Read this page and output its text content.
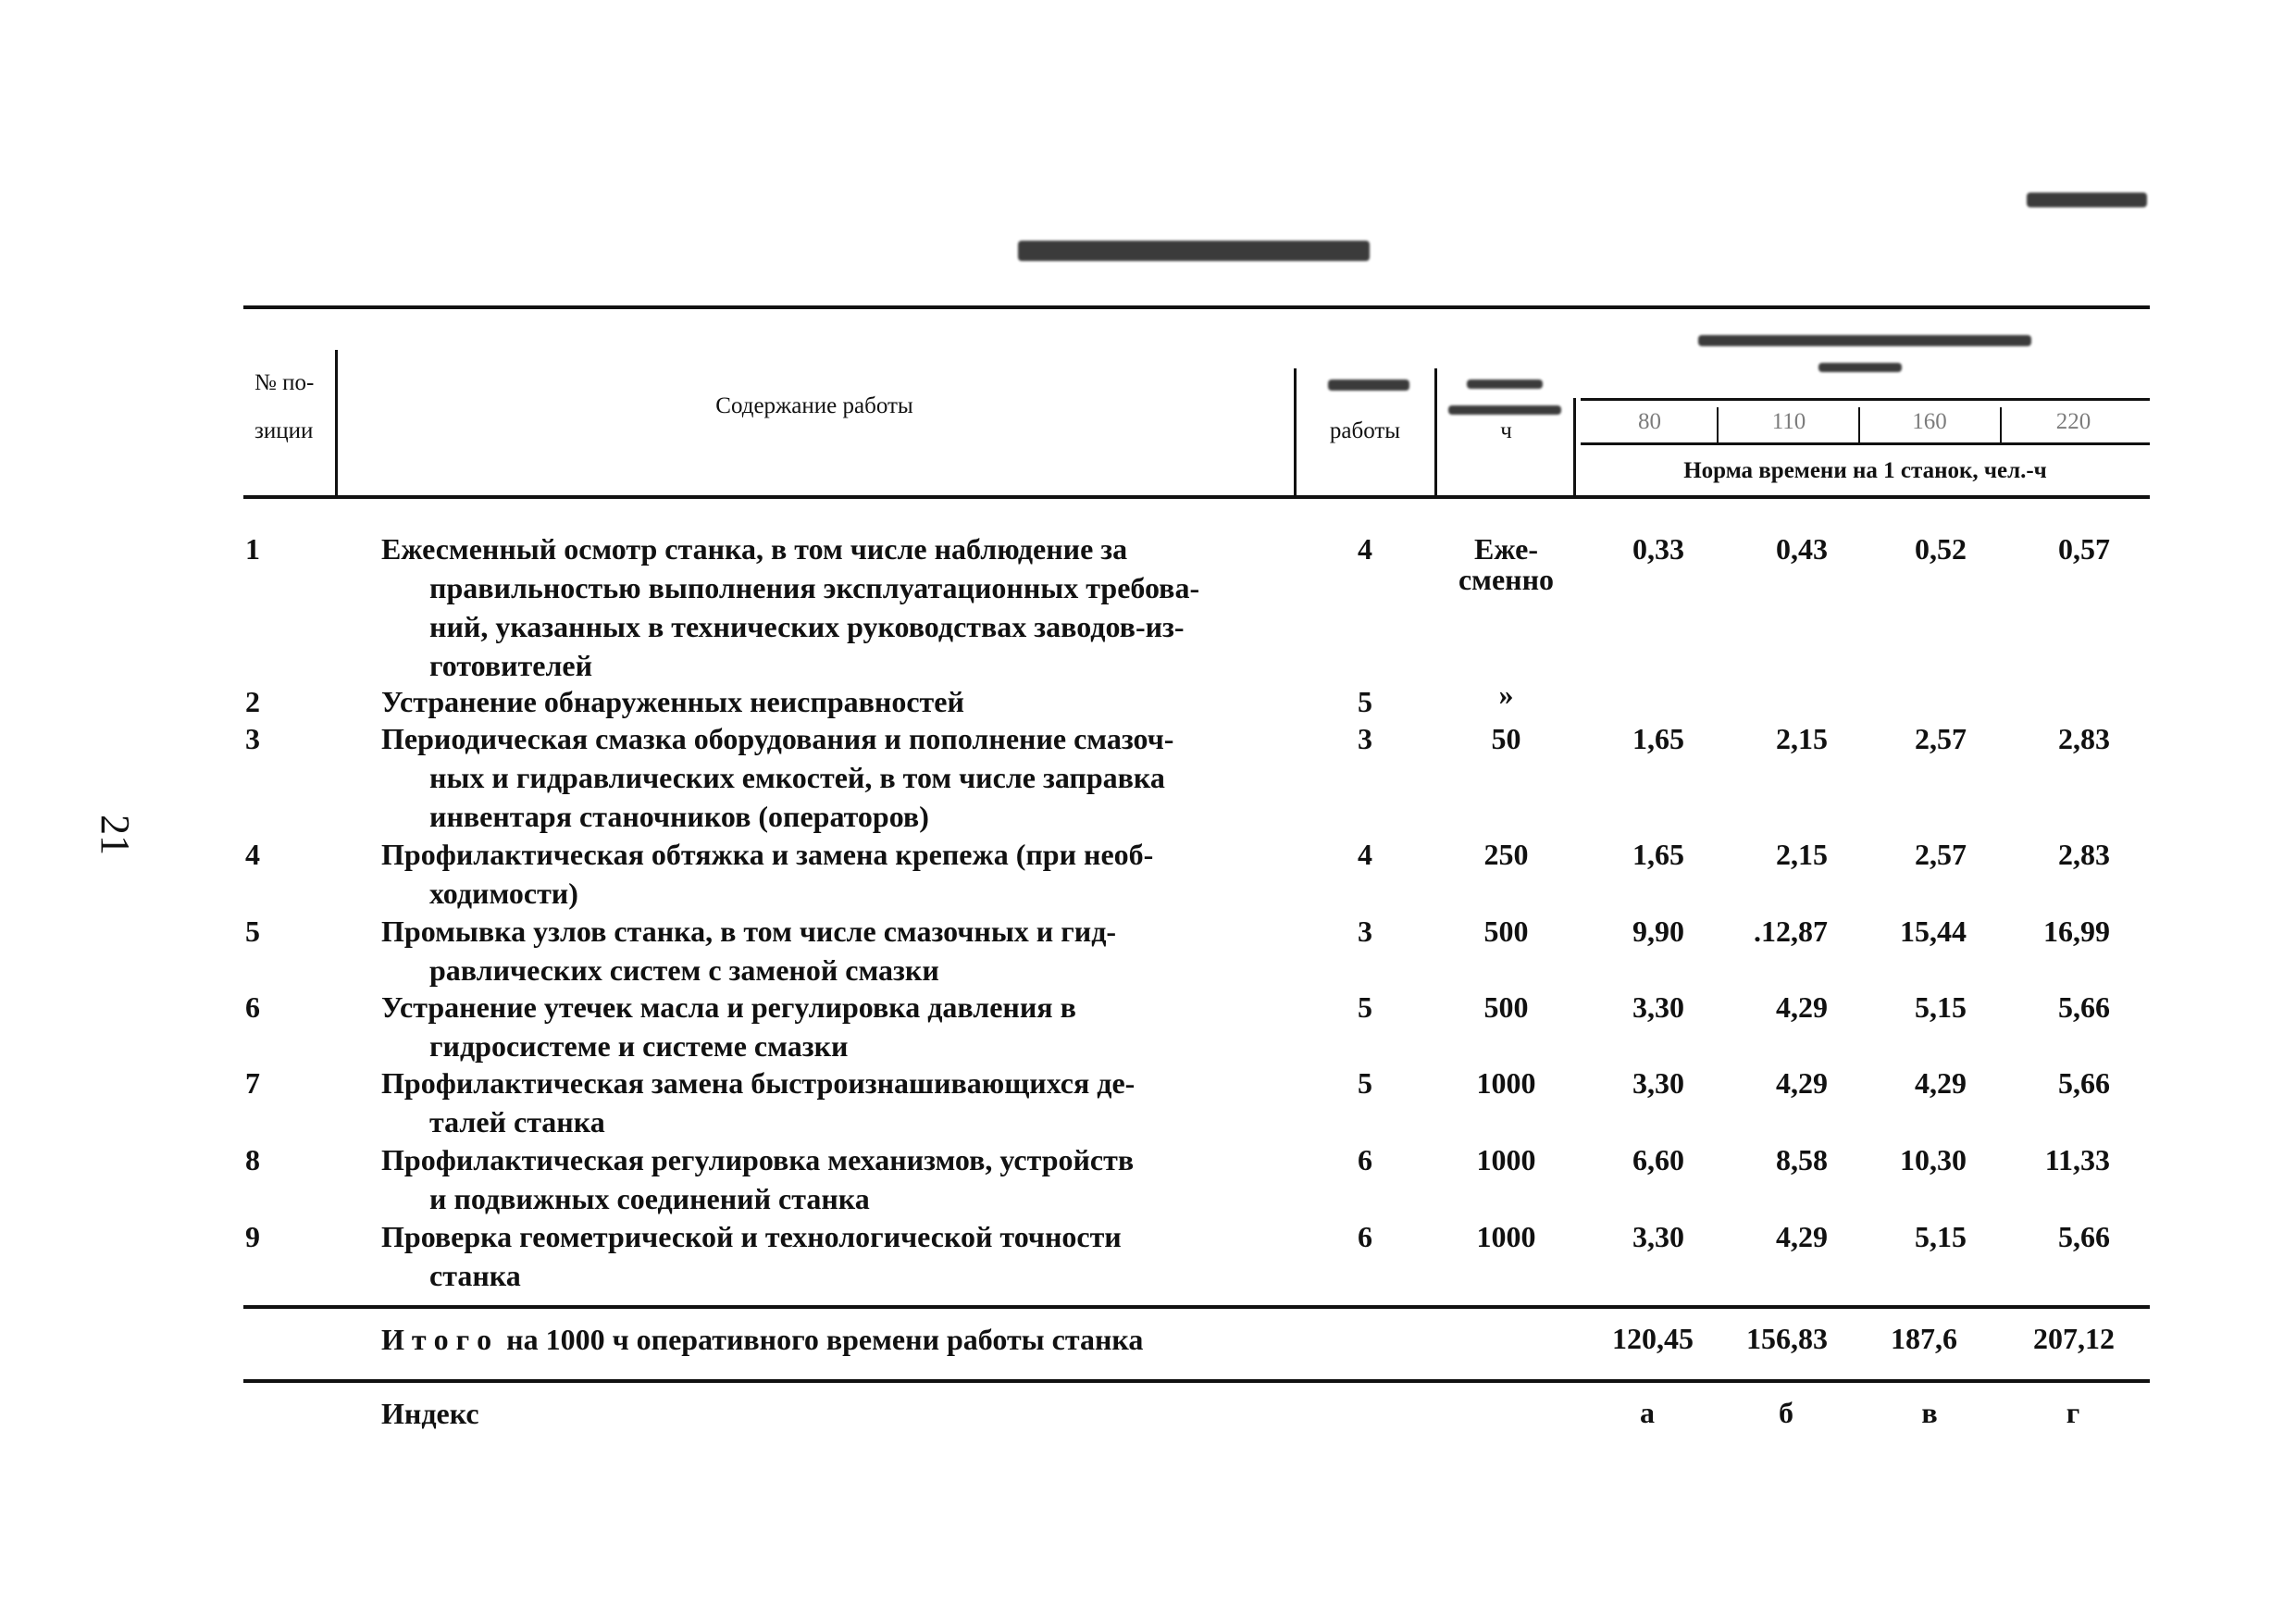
21
№ по-
зиции
Содержание работы
работы	ч	80	110	160	220
Норма времени на 1 станок, чел.-ч
1	Ежесменный осмотр станка, в том числе наблюдение за
правильностью выполнения эксплуатационных требова-
ний, указанных в технических руководствах заводов-из-
готовителей
4	Еже-
сменно
0,33	0,43	0,52	0,57
2	Устранение обнаруженных неисправностей	5	»
3	Периодическая смазка оборудования и пополнение смазоч-
ных и гидравлических емкостей, в том числе заправка
инвентаря станочников (операторов)
3	50	1,65	2,15	2,57	2,83
4	Профилактическая обтяжка и замена крепежа (при необ-
ходимости)
4	250	1,65	2,15	2,57	2,83
5	Промывка узлов станка, в том числе смазочных и гид-
равлических систем с заменой смазки
3	500	9,90	.12,87	15,44	16,99
6	Устранение утечек масла и регулировка давления в
гидросистеме и системе смазки
5	500	3,30	4,29	5,15	5,66
7	Профилактическая замена быстроизнашивающихся де-
талей станка
5	1000	3,30	4,29	4,29	5,66
8	Профилактическая регулировка механизмов, устройств
и подвижных соединений станка
6	1000	6,60	8,58	10,30	11,33
9	Проверка геометрической и технологической точности
станка
6	1000	3,30	4,29	5,15	5,66
И т о г о  на 1000 ч оперативного времени работы станка	120,45	156,83	187,6	207,12
Индекс	а	б	в	г
